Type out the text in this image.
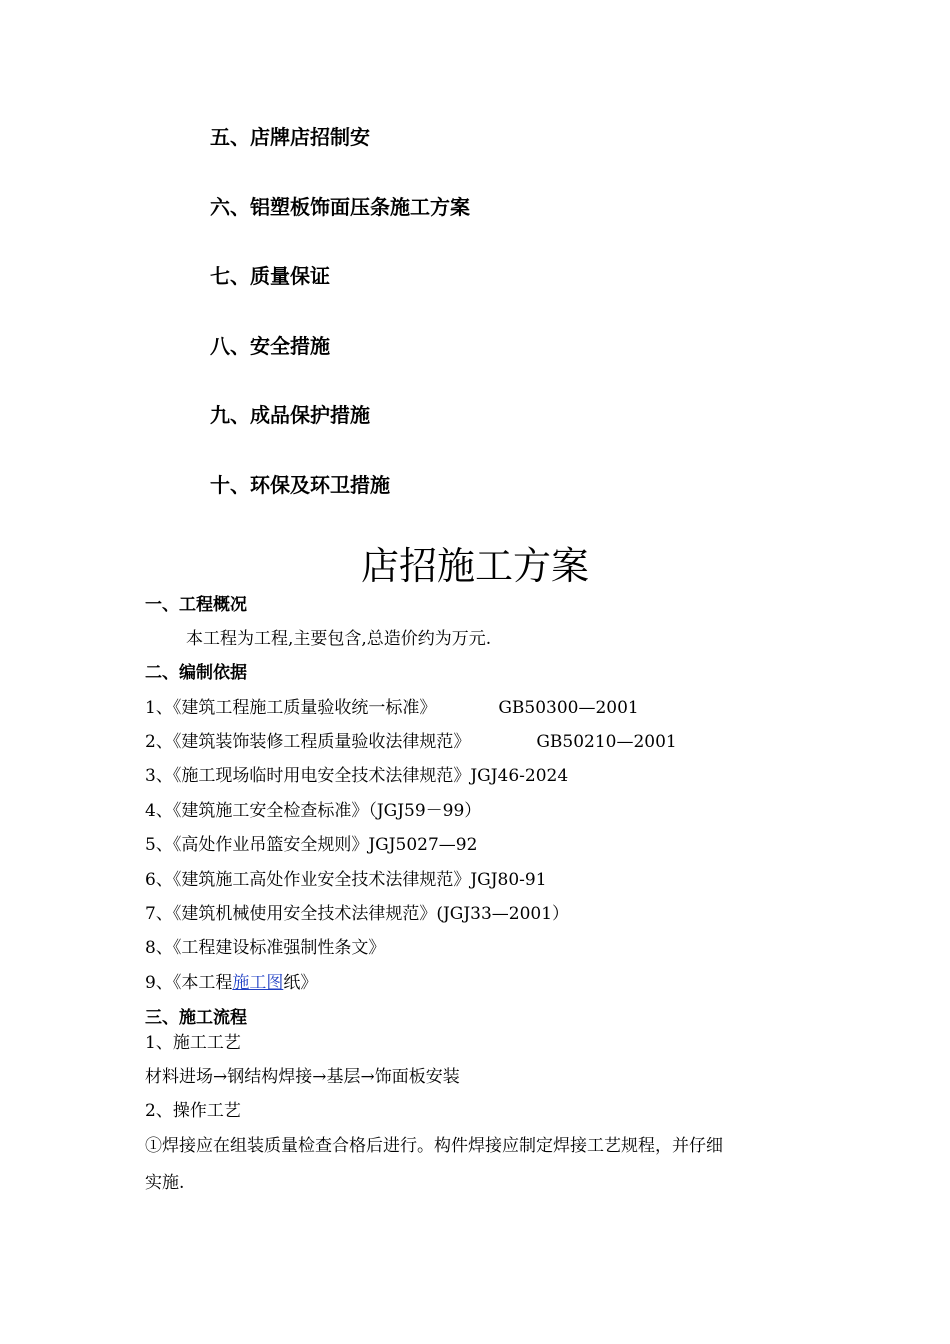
五、店牌店招制安
六、铝塑板饰面压条施工方案
七、质量保证
八、安全措施
九、成品保护措施
十、环保及环卫措施
店招施工方案
一、工程概况
本工程为工程,主要包含,总造价约为万元.
二、编制依据
1、《建筑工程施工质量验收统一标准》	GB50300—2001
2、《建筑装饰装修工程质量验收法律规范》	GB50210—2001
3、《施工现场临时用电安全技术法律规范》JGJ46-2024
4、《建筑施工安全检查标准》（JGJ59－99）
5、《高处作业吊篮安全规则》JGJ5027—92
6、《建筑施工高处作业安全技术法律规范》JGJ80-91
7、《建筑机械使用安全技术法律规范》(JGJ33—2001）
8、《工程建设标准强制性条文》
9、《本工程施工图纸》
三、施工流程
1、施工工艺
材料进场→钢结构焊接→基层→饰面板安装
2、操作工艺
①焊接应在组装质量检查合格后进行。构件焊接应制定焊接工艺规程，并仔细
实施.
